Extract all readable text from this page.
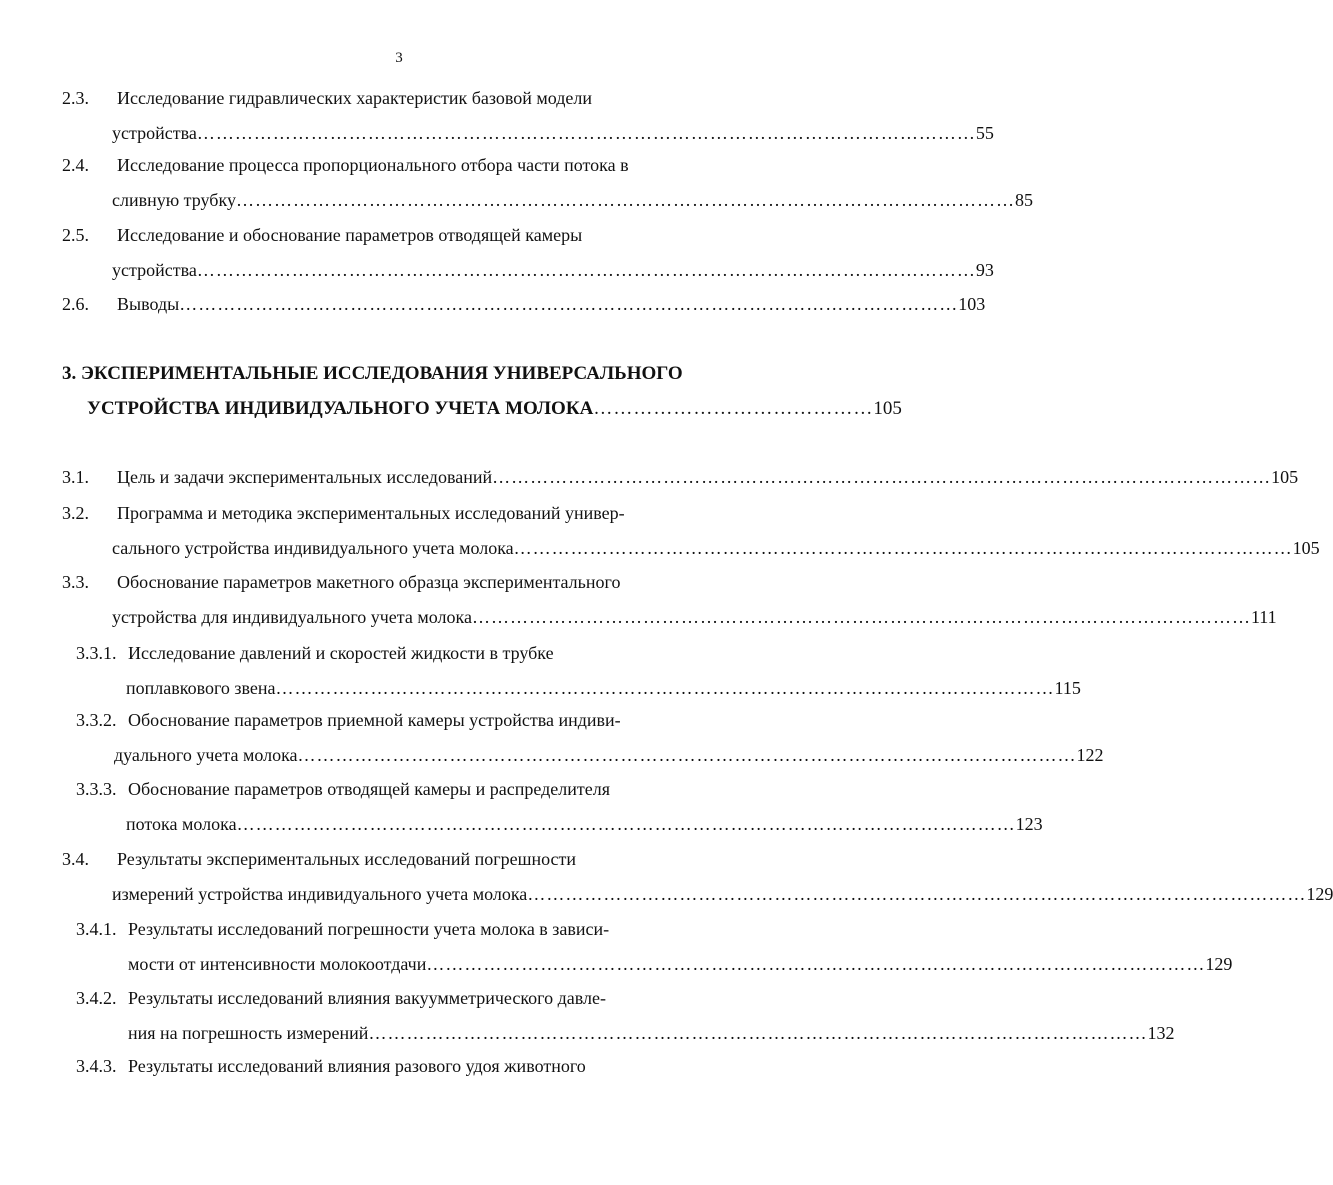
3
2.3. Исследование гидравлических характеристик базовой модели
устройства …………………………………………………………………………………………………………… 55
2.4. Исследование процесса пропорционального отбора части потока в
сливную трубку …………………………………………………………………………………………………………… 85
2.5. Исследование и обоснование параметров отводящей камеры
устройства …………………………………………………………………………………………………………… 93
2.6. Выводы …………………………………………………………………………………………………………… 103
3. ЭКСПЕРИМЕНТАЛЬНЫЕ ИССЛЕДОВАНИЯ УНИВЕРСАЛЬНОГО
УСТРОЙСТВА ИНДИВИДУАЛЬНОГО УЧЕТА МОЛОКА …………………………………… 105
3.1. Цель и задачи экспериментальных исследований …………………………………………………………………………………………………………… 105
3.2. Программа и методика экспериментальных исследований универ-
сального устройства индивидуального учета молока …………………………………………………………………………………………………………… 105
3.3. Обоснование параметров макетного образца экспериментального
устройства для индивидуального учета молока …………………………………………………………………………………………………………… 111
3.3.1. Исследование давлений и скоростей жидкости в трубке
поплавкового звена …………………………………………………………………………………………………………… 115
3.3.2. Обоснование параметров приемной камеры устройства индиви-
дуального учета молока …………………………………………………………………………………………………………… 122
3.3.3. Обоснование параметров отводящей камеры и распределителя
потока молока …………………………………………………………………………………………………………… 123
3.4. Результаты экспериментальных исследований погрешности
измерений устройства индивидуального учета молока …………………………………………………………………………………………………………… 129
3.4.1. Результаты исследований погрешности учета молока в зависи-
мости от интенсивности молокоотдачи …………………………………………………………………………………………………………… 129
3.4.2. Результаты исследований влияния вакуумметрического давле-
ния на погрешность измерений …………………………………………………………………………………………………………… 132
3.4.3. Результаты исследований влияния разового удоя животного
